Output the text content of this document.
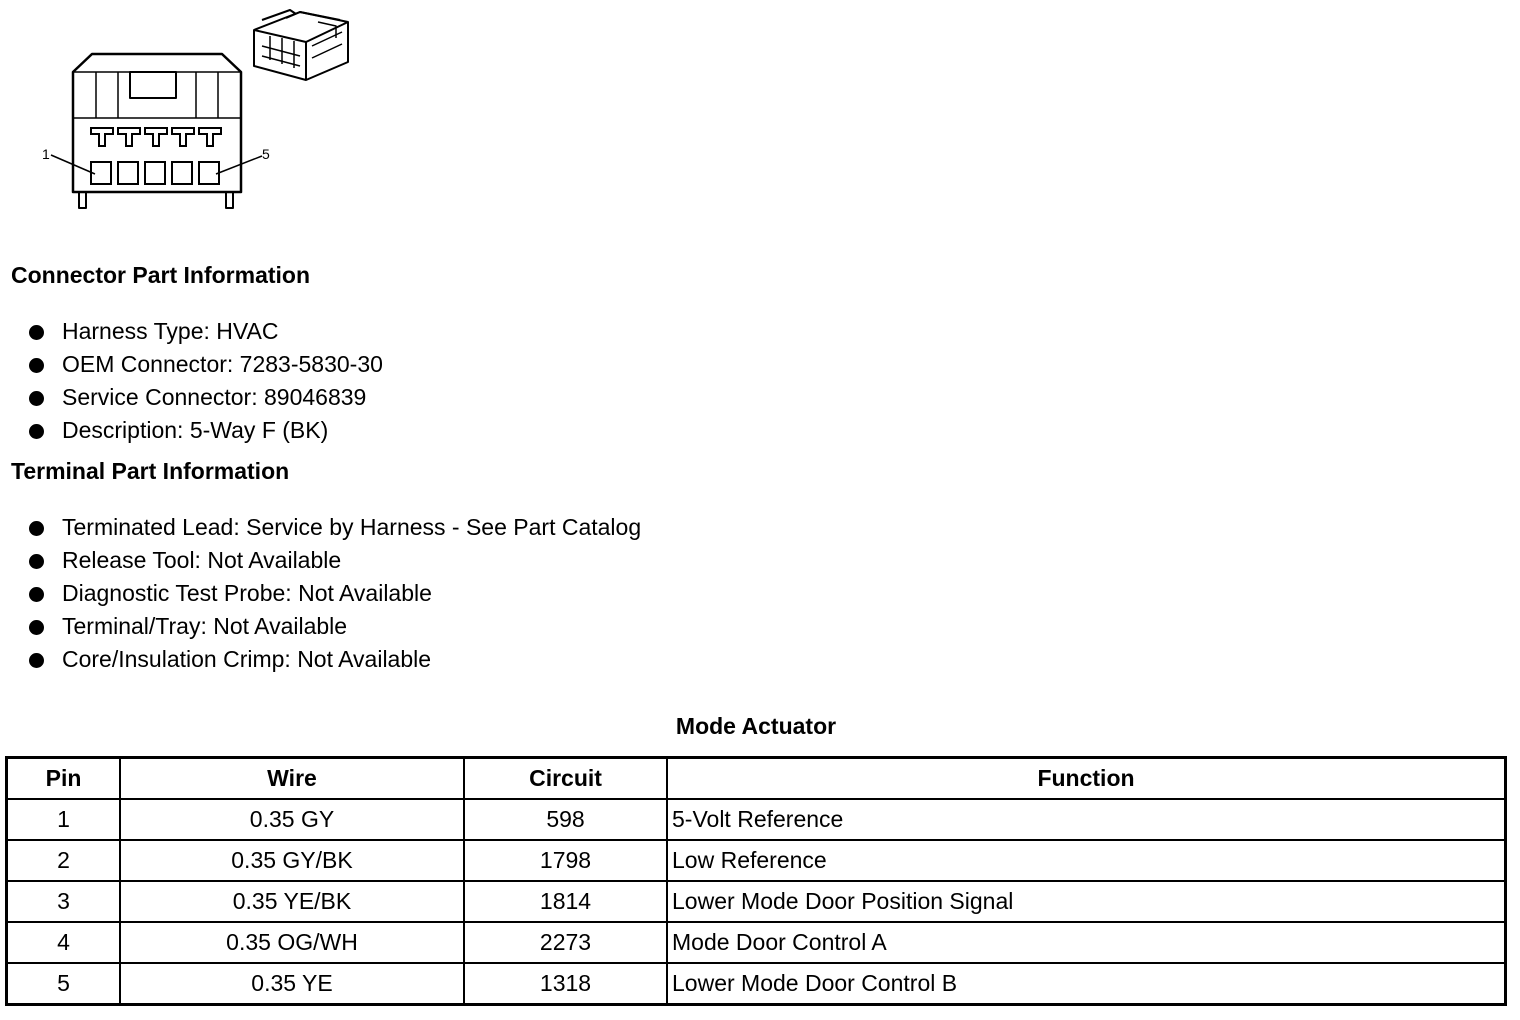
1	5
Connector Part Information
Harness Type: HVAC
OEM Connector: 7283-5830-30
Service Connector: 89046839
Description: 5-Way F (BK)
Terminal Part Information
Terminated Lead: Service by Harness - See Part Catalog
Release Tool: Not Available
Diagnostic Test Probe: Not Available
Terminal/Tray: Not Available
Core/Insulation Crimp: Not Available
Mode Actuator
Pin	Wire	Circuit	Function
1	0.35 GY	598	5-Volt Reference
2	0.35 GY/BK	1798	Low Reference
3	0.35 YE/BK	1814	Lower Mode Door Position Signal
4	0.35 OG/WH	2273	Mode Door Control A
5	0.35 YE	1318	Lower Mode Door Control B
